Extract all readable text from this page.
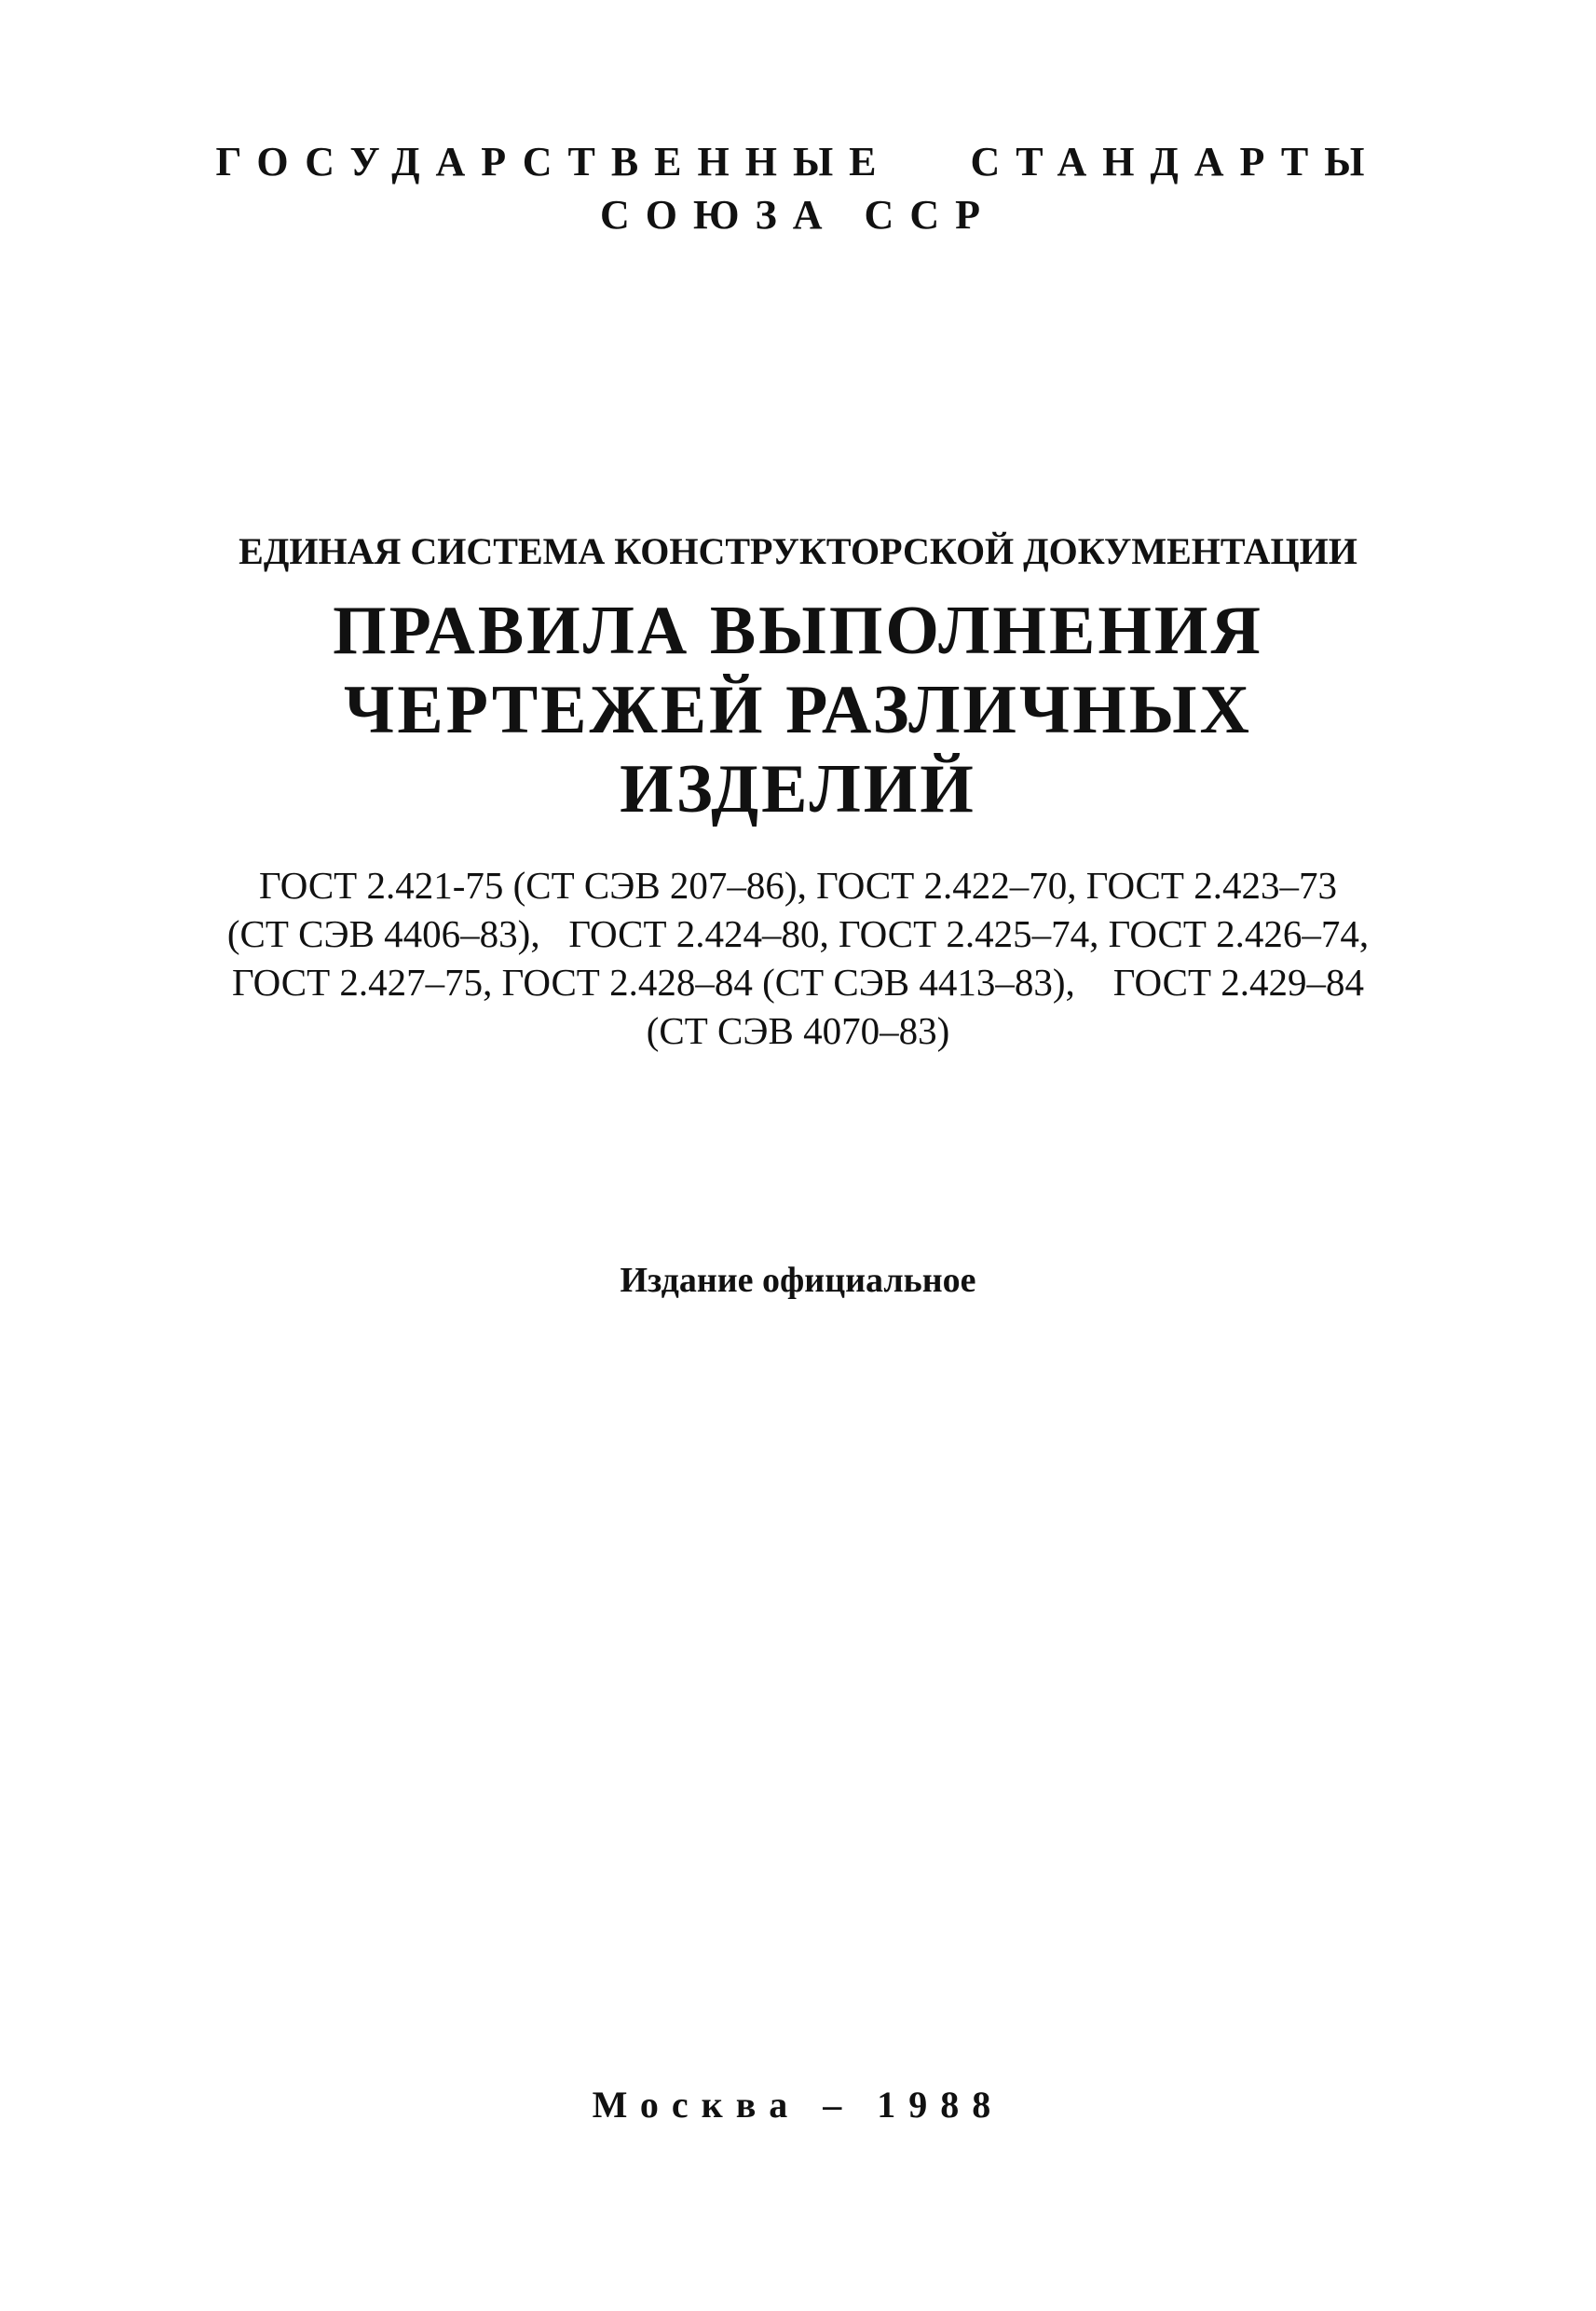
ГОСУДАРСТВЕННЫЕ   СТАНДАРТЫ

СОЮЗА ССР

ЕДИНАЯ СИСТЕМА КОНСТРУКТОРСКОЙ ДОКУМЕНТАЦИИ

ПРАВИЛА ВЫПОЛНЕНИЯ

ЧЕРТЕЖЕЙ РАЗЛИЧНЫХ

ИЗДЕЛИЙ

ГОСТ 2.421-75 (СТ СЭВ 207–86), ГОСТ 2.422–70, ГОСТ 2.423–73

(СТ СЭВ 4406–83),   ГОСТ 2.424–80, ГОСТ 2.425–74, ГОСТ 2.426–74,

ГОСТ 2.427–75, ГОСТ 2.428–84 (СТ СЭВ 4413–83),    ГОСТ 2.429–84

(СТ СЭВ 4070–83)

Издание официальное

Москва – 1988
